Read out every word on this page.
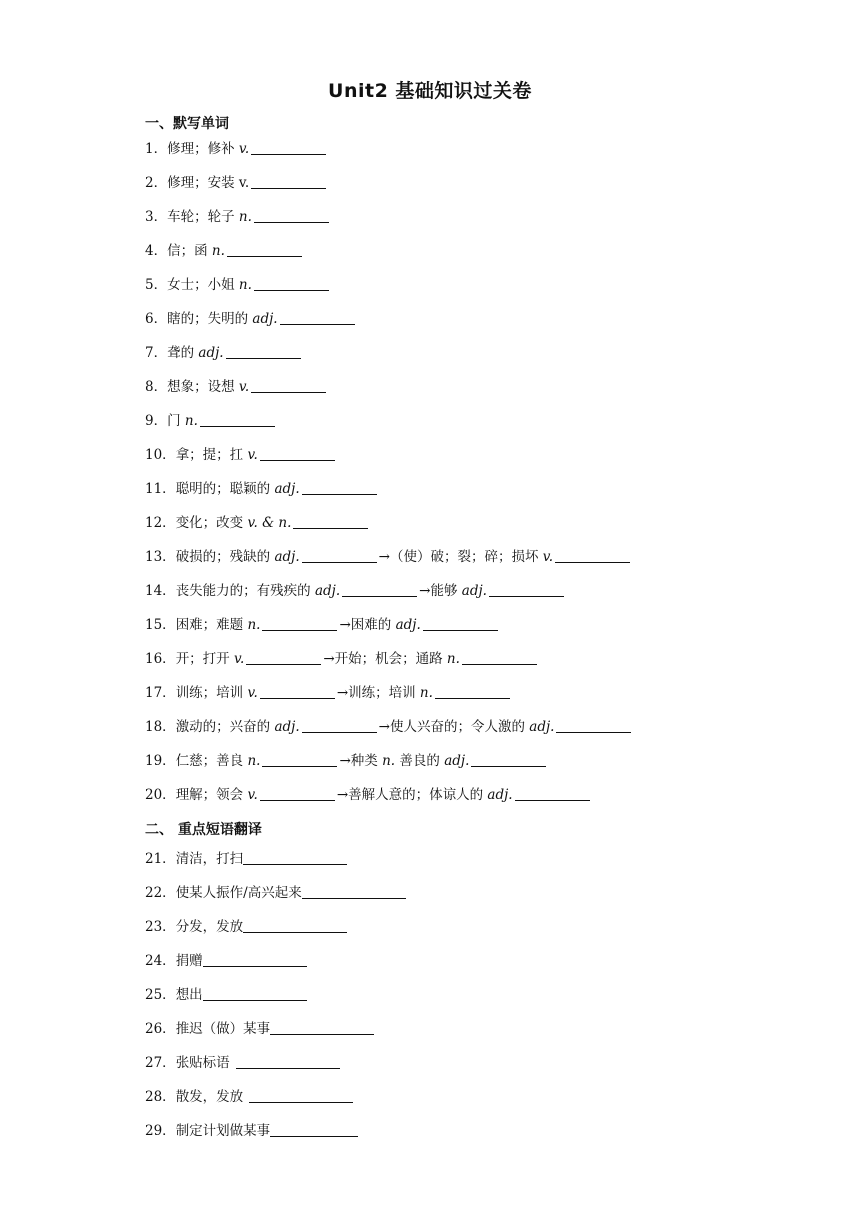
Unit2 基础知识过关卷
一、默写单词
1．修理；修补 v.
2．修理；安装 v.
3．车轮；轮子 n.
4．信；函 n.
5．女士；小姐 n.
6．瞎的；失明的 adj.
7．聋的 adj.
8．想象；设想 v.
9．门 n.
10．拿；提；扛 v.
11．聪明的；聪颖的 adj.
12．变化；改变 v. & n.
13．破损的；残缺的 adj.	→（使）破；裂；碎；损坏 v.
14．丧失能力的；有残疾的 adj.	→能够 adj.
15．困难；难题 n.	→困难的 adj.
16．开；打开 v.	→开始；机会；通路 n.
17．训练；培训 v.	→训练；培训 n.
18．激动的；兴奋的 adj.	→使人兴奋的；令人激的 adj.
19．仁慈；善良 n.	→种类 n. 善良的 adj.
20．理解；领会 v.	→善解人意的；体谅人的 adj.
二、 重点短语翻译
21．清洁，打扫
22．使某人振作/高兴起来
23．分发，发放
24．捐赠
25．想出
26．推迟（做）某事
27．张贴标语
28．散发，发放
29．制定计划做某事
